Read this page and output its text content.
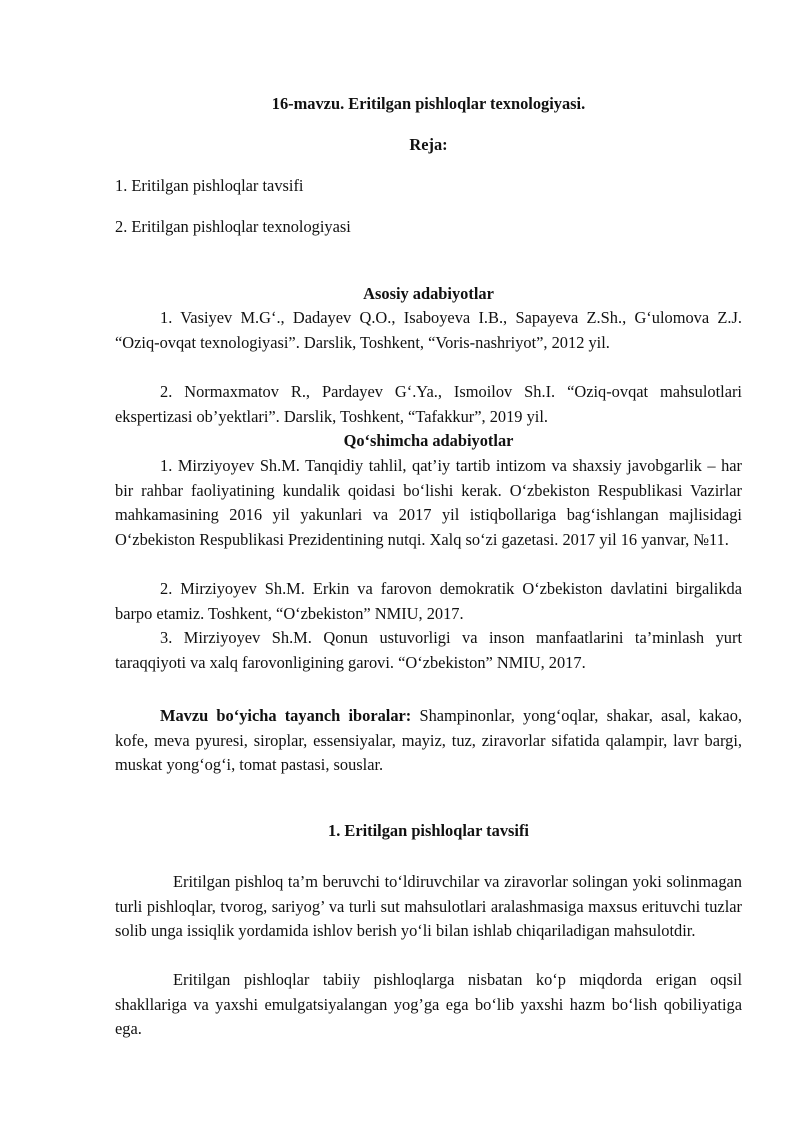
16-mavzu. Eritilgan pishloqlar texnologiyasi.
Reja:
1. Eritilgan pishloqlar tavsifi
2. Eritilgan pishloqlar texnologiyasi
Asosiy adabiyotlar
1. Vasiyev M.G‘., Dadayev Q.O., Isaboyeva I.B., Sapayeva Z.Sh., G‘ulomova Z.J. “Oziq-ovqat texnologiyasi”. Darslik, Toshkent, “Voris-nashriyot”, 2012 yil.
2. Normaxmatov R., Pardayev G‘.Ya., Ismoilov Sh.I. “Oziq-ovqat mahsulotlari ekspertizasi ob’yektlari”. Darslik, Toshkent, “Tafakkur”, 2019 yil.
Qo‘shimcha adabiyotlar
1. Mirziyoyev Sh.M. Tanqidiy tahlil, qat’iy tartib intizom va shaxsiy javobgarlik – har bir rahbar faoliyatining kundalik qoidasi bo‘lishi kerak. O‘zbekiston Respublikasi Vazirlar mahkamasining 2016 yil yakunlari va 2017 yil istiqbollariga bag‘ishlangan majlisidagi O‘zbekiston Respublikasi Prezidentining nutqi. Xalq so‘zi gazetasi. 2017 yil 16 yanvar, №11.
2. Mirziyoyev Sh.M. Erkin va farovon demokratik O‘zbekiston davlatini birgalikda barpo etamiz. Toshkent, “O‘zbekiston” NMIU, 2017.
3. Mirziyoyev Sh.M. Qonun ustuvorligi va inson manfaatlarini ta’minlash yurt taraqqiyoti va xalq farovonligining garovi. “O‘zbekiston” NMIU, 2017.
Mavzu bo‘yicha tayanch iboralar: Shampinonlar, yong‘oqlar, shakar, asal, kakao, kofe, meva pyuresi, siroplar, essensiyalar, mayiz, tuz, ziravorlar sifatida qalampir, lavr bargi, muskat yong‘og‘i, tomat pastasi, souslar.
1. Eritilgan pishloqlar tavsifi
Eritilgan pishloq ta’m beruvchi to‘ldiruvchilar va ziravorlar solingan yoki solinmagan turli pishloqlar, tvorog, sariyog’ va turli sut mahsulotlari aralashmasiga maxsus erituvchi tuzlar solib unga issiqlik yordamida ishlov berish yo‘li bilan ishlab chiqariladigan mahsulotdir.
Eritilgan pishloqlar tabiiy pishloqlarga nisbatan ko‘p miqdorda erigan oqsil shakllariga va yaxshi emulgatsiyalangan yog’ga ega bo‘lib yaxshi hazm bo‘lish qobiliyatiga ega.
